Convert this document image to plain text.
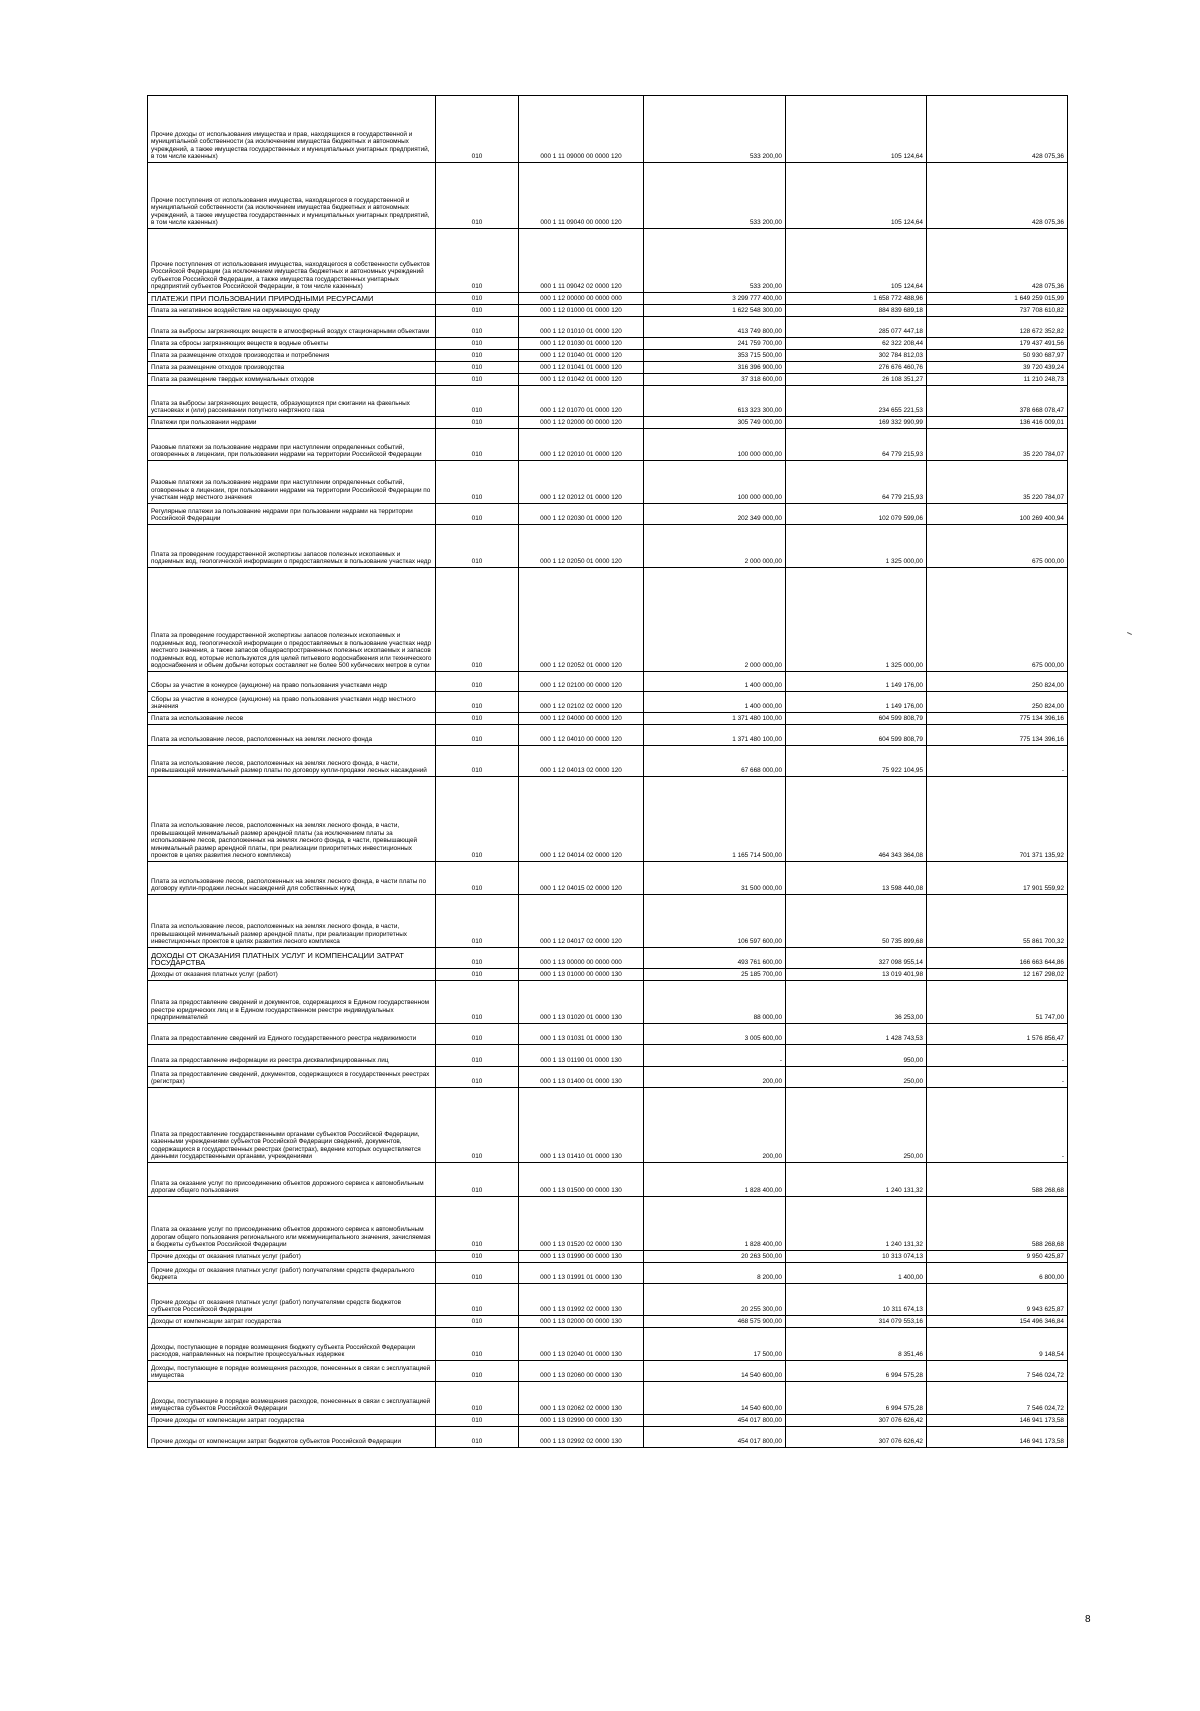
Прочие доходы от использования имущества и прав, находящихся в государственной и муниципальной собственности (за исключением имущества бюджетных и автономных учреждений, а также имущества государственных и муниципальных унитарных предприятий, в том числе казенных)	010	000 1 11 09000 00 0000 120	533 200,00	105 124,64	428 075,36
Прочие поступления от использования имущества, находящегося в государственной и муниципальной собственности (за исключением имущества бюджетных и автономных учреждений, а также имущества государственных и муниципальных унитарных предприятий, в том числе казенных)	010	000 1 11 09040 00 0000 120	533 200,00	105 124,64	428 075,36
Прочие поступления от использования имущества, находящегося в собственности субъектов Российской Федерации (за исключением имущества бюджетных и автономных учреждений субъектов Российской Федерации, а также имущества государственных унитарных предприятий субъектов Российской Федерации, в том числе казенных)	010	000 1 11 09042 02 0000 120	533 200,00	105 124,64	428 075,36
ПЛАТЕЖИ ПРИ ПОЛЬЗОВАНИИ ПРИРОДНЫМИ РЕСУРСАМИ	010	000 1 12 00000 00 0000 000	3 299 777 400,00	1 658 772 488,96	1 649 259 015,99
Плата за негативное воздействие на окружающую среду	010	000 1 12 01000 01 0000 120	1 622 548 300,00	884 839 689,18	737 708 610,82
Плата за выбросы загрязняющих веществ в атмосферный воздух стационарными объектами	010	000 1 12 01010 01 0000 120	413 749 800,00	285 077 447,18	128 672 352,82
Плата за сбросы загрязняющих веществ в водные объекты	010	000 1 12 01030 01 0000 120	241 759 700,00	62 322 208,44	179 437 491,56
Плата за размещение отходов производства и потребления	010	000 1 12 01040 01 0000 120	353 715 500,00	302 784 812,03	50 930 687,97
Плата за размещение отходов производства	010	000 1 12 01041 01 0000 120	316 396 900,00	276 676 460,76	39 720 439,24
Плата за размещение твердых коммунальных отходов	010	000 1 12 01042 01 0000 120	37 318 600,00	26 108 351,27	11 210 248,73
Плата за выбросы загрязняющих веществ, образующихся при сжигании на факельных установках и (или) рассеивании попутного нефтяного газа	010	000 1 12 01070 01 0000 120	613 323 300,00	234 655 221,53	378 668 078,47
Платежи при пользовании недрами	010	000 1 12 02000 00 0000 120	305 749 000,00	169 332 990,99	136 416 009,01
Разовые платежи за пользование недрами при наступлении определенных событий, оговоренных в лицензии, при пользовании недрами на территории Российской Федерации	010	000 1 12 02010 01 0000 120	100 000 000,00	64 779 215,93	35 220 784,07
Разовые платежи за пользование недрами при наступлении определенных событий, оговоренных в лицензии, при пользовании недрами на территории Российской Федерации по участкам недр местного значения	010	000 1 12 02012 01 0000 120	100 000 000,00	64 779 215,93	35 220 784,07
Регулярные платежи за пользование недрами при пользовании недрами на территории Российской Федерации	010	000 1 12 02030 01 0000 120	202 349 000,00	102 079 599,06	100 269 400,94
Плата за проведение государственной экспертизы запасов полезных ископаемых и подземных вод, геологической информации о предоставляемых в пользование участках недр	010	000 1 12 02050 01 0000 120	2 000 000,00	1 325 000,00	675 000,00
Плата за проведение государственной экспертизы запасов полезных ископаемых и подземных вод, геологической информации о предоставляемых в пользование участках недр местного значения, а также запасов общераспространенных полезных ископаемых и запасов подземных вод, которые используются для целей питьевого водоснабжения или технического водоснабжения и объем добычи которых составляет не более 500 кубических метров в сутки	010	000 1 12 02052 01 0000 120	2 000 000,00	1 325 000,00	675 000,00
Сборы за участие в конкурсе (аукционе) на право пользования участками недр	010	000 1 12 02100 00 0000 120	1 400 000,00	1 149 176,00	250 824,00
Сборы за участие в конкурсе (аукционе) на право пользования участками недр местного значения	010	000 1 12 02102 02 0000 120	1 400 000,00	1 149 176,00	250 824,00
Плата за использование лесов	010	000 1 12 04000 00 0000 120	1 371 480 100,00	604 599 808,79	775 134 396,16
Плата за использование лесов, расположенных на землях лесного фонда	010	000 1 12 04010 00 0000 120	1 371 480 100,00	604 599 808,79	775 134 396,16
Плата за использование лесов, расположенных на землях лесного фонда, в части, превышающей минимальный размер платы по договору купли-продажи лесных насаждений	010	000 1 12 04013 02 0000 120	67 668 000,00	75 922 104,95	-
Плата за использование лесов, расположенных на землях лесного фонда, в части, превышающей минимальный размер арендной платы (за исключением платы за использование лесов, расположенных на землях лесного фонда, в части, превышающей минимальный размер арендной платы, при реализации приоритетных инвестиционных проектов в целях развития лесного комплекса)	010	000 1 12 04014 02 0000 120	1 165 714 500,00	464 343 364,08	701 371 135,92
Плата за использование лесов, расположенных на землях лесного фонда, в части платы по договору купли-продажи лесных насаждений для собственных нужд	010	000 1 12 04015 02 0000 120	31 500 000,00	13 598 440,08	17 901 559,92
Плата за использование лесов, расположенных на землях лесного фонда, в части, превышающей минимальный размер арендной платы, при реализации приоритетных инвестиционных проектов в целях развития лесного комплекса	010	000 1 12 04017 02 0000 120	106 597 600,00	50 735 899,68	55 861 700,32
ДОХОДЫ ОТ ОКАЗАНИЯ ПЛАТНЫХ УСЛУГ И КОМПЕНСАЦИИ ЗАТРАТ ГОСУДАРСТВА	010	000 1 13 00000 00 0000 000	493 761 600,00	327 098 955,14	166 663 644,86
Доходы от оказания платных услуг (работ)	010	000 1 13 01000 00 0000 130	25 185 700,00	13 019 401,98	12 167 298,02
Плата за предоставление сведений и документов, содержащихся в Едином государственном реестре юридических лиц и в Едином государственном реестре индивидуальных предпринимателей	010	000 1 13 01020 01 0000 130	88 000,00	36 253,00	51 747,00
Плата за предоставление сведений из Единого государственного реестра недвижимости	010	000 1 13 01031 01 0000 130	3 005 600,00	1 428 743,53	1 576 856,47
Плата за предоставление информации из реестра дисквалифицированных лиц	010	000 1 13 01190 01 0000 130	-	950,00	-
Плата за предоставление сведений, документов, содержащихся в государственных реестрах (регистрах)	010	000 1 13 01400 01 0000 130	200,00	250,00	-
Плата за предоставление государственными органами субъектов Российской Федерации, казенными учреждениями субъектов Российской Федерации сведений, документов, содержащихся в государственных реестрах (регистрах), ведение которых осуществляется данными государственными органами, учреждениями	010	000 1 13 01410 01 0000 130	200,00	250,00	-
Плата за оказание услуг по присоединению объектов дорожного сервиса к автомобильным дорогам общего пользования	010	000 1 13 01500 00 0000 130	1 828 400,00	1 240 131,32	588 268,68
Плата за оказание услуг по присоединению объектов дорожного сервиса к автомобильным дорогам общего пользования регионального или межмуниципального значения, зачисляемая в бюджеты субъектов Российской Федерации	010	000 1 13 01520 02 0000 130	1 828 400,00	1 240 131,32	588 268,68
Прочие доходы от оказания платных услуг (работ)	010	000 1 13 01990 00 0000 130	20 263 500,00	10 313 074,13	9 950 425,87
Прочие доходы от оказания платных услуг (работ) получателями средств федерального бюджета	010	000 1 13 01991 01 0000 130	8 200,00	1 400,00	6 800,00
Прочие доходы от оказания платных услуг (работ) получателями средств бюджетов субъектов Российской Федерации	010	000 1 13 01992 02 0000 130	20 255 300,00	10 311 674,13	9 943 625,87
Доходы от компенсации затрат государства	010	000 1 13 02000 00 0000 130	468 575 900,00	314 079 553,16	154 496 346,84
Доходы, поступающие в порядке возмещения бюджету субъекта Российской Федерации расходов, направленных на покрытие процессуальных издержек	010	000 1 13 02040 01 0000 130	17 500,00	8 351,46	9 148,54
Доходы, поступающие в порядке возмещения расходов, понесенных в связи с эксплуатацией имущества	010	000 1 13 02060 00 0000 130	14 540 600,00	6 994 575,28	7 546 024,72
Доходы, поступающие в порядке возмещения расходов, понесенных в связи с эксплуатацией имущества субъектов Российской Федерации	010	000 1 13 02062 02 0000 130	14 540 600,00	6 994 575,28	7 546 024,72
Прочие доходы от компенсации затрат государства	010	000 1 13 02990 00 0000 130	454 017 800,00	307 076 626,42	146 941 173,58
Прочие доходы от компенсации затрат бюджетов субъектов Российской Федерации	010	000 1 13 02992 02 0000 130	454 017 800,00	307 076 626,42	146 941 173,58
8
